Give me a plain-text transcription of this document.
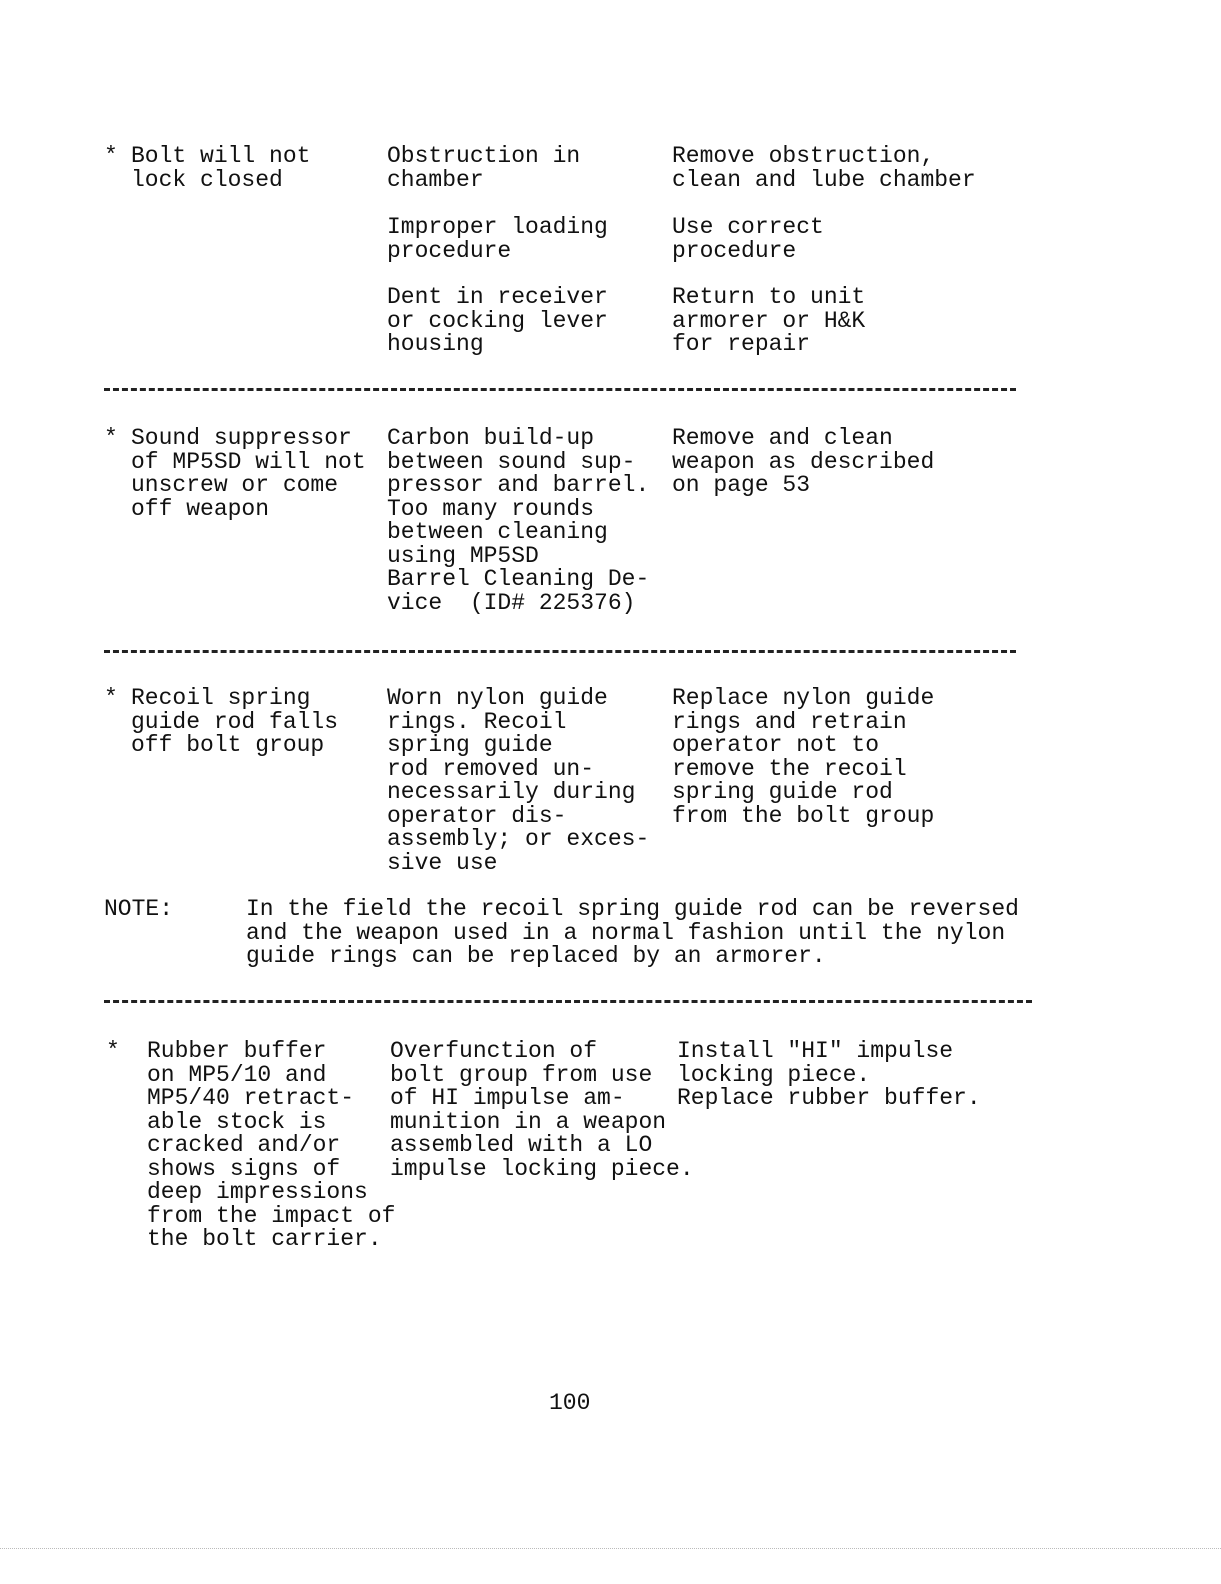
* Bolt will not
lock closed
Obstruction in
chamber
Remove obstruction,
clean and lube chamber
Improper loading
procedure
Use correct
procedure
Dent in receiver
or cocking lever
housing
Return to unit
armorer or H&K
for repair
* Sound suppressor
of MP5SD will not
unscrew or come
off weapon
Carbon build-up
between sound sup-
pressor and barrel.
Too many rounds
between cleaning
using MP5SD
Barrel Cleaning De-
vice  (ID# 225376)
Remove and clean
weapon as described
on page 53
* Recoil spring
guide rod falls
off bolt group
Worn nylon guide
rings. Recoil
spring guide
rod removed un-
necessarily during
operator dis-
assembly; or exces-
sive use
Replace nylon guide
rings and retrain
operator not to
remove the recoil
spring guide rod
from the bolt group
NOTE:	In the field the recoil spring guide rod can be reversed
and the weapon used in a normal fashion until the nylon
guide rings can be replaced by an armorer.
* Rubber buffer
on MP5/10 and
MP5/40 retract-
able stock is
cracked and/or
shows signs of
deep impressions
from the impact of
the bolt carrier.
Overfunction of
bolt group from use
of HI impulse am-
munition in a weapon
assembled with a LO
impulse locking piece.
Install "HI" impulse
locking piece.
Replace rubber buffer.
100
